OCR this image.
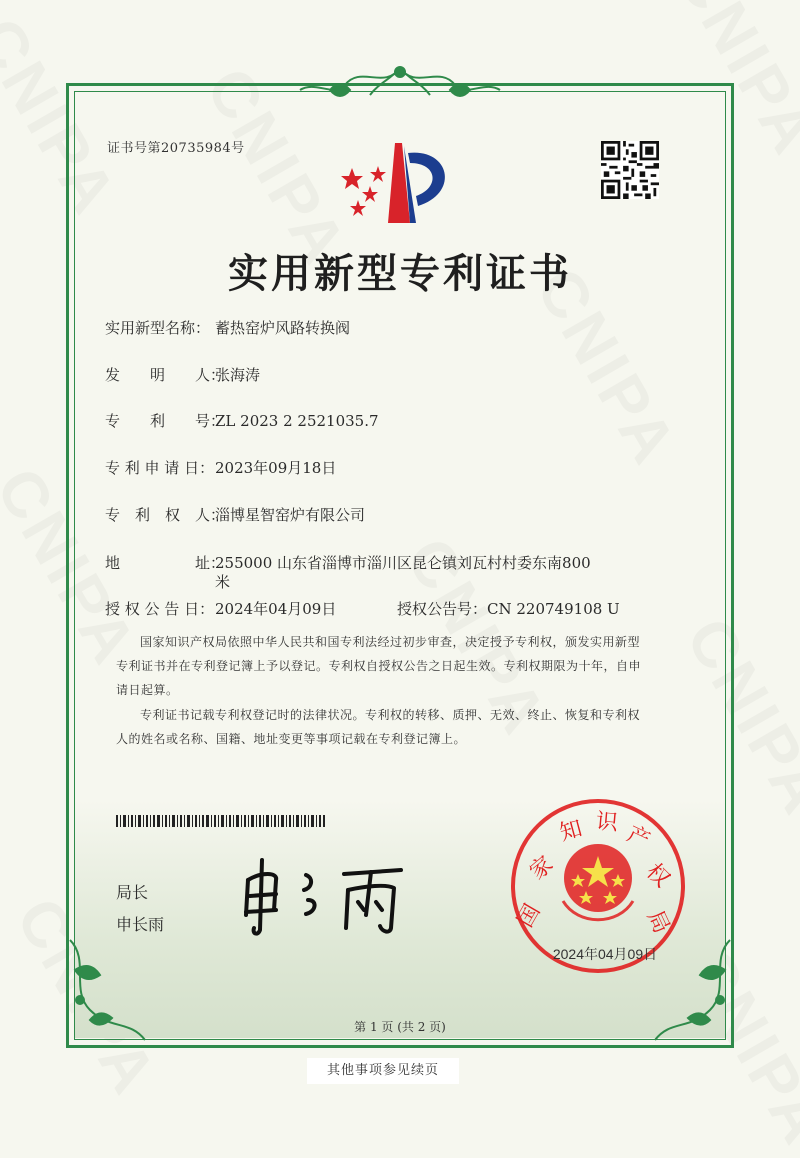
证书号第20735984号
实用新型专利证书
实用新型名称： 蓄热窑炉风路转换阀
发　　明　　人：张海涛
专　　利　　号：ZL 2023 2 2521035.7
专 利 申 请 日：2023年09月18日
专　利　权　人：淄博星智窑炉有限公司
地　　　　　址：255000 山东省淄博市淄川区昆仑镇刘瓦村村委东南800
米
授 权 公 告 日：2024年04月09日	授权公告号：CN 220749108 U
国家知识产权局依照中华人民共和国专利法经过初步审查，决定授予专利权，颁发实用新型
专利证书并在专利登记簿上予以登记。专利权自授权公告之日起生效。专利权期限为十年，自申
请日起算。
专利证书记载专利权登记时的法律状况。专利权的转移、质押、无效、终止、恢复和专利权
人的姓名或名称、国籍、地址变更等事项记载在专利登记簿上。
局长
申长雨	国
家
知 识 产
权
局
2024年04月09日
第 1 页 (共 2 页)
其他事项参见续页
